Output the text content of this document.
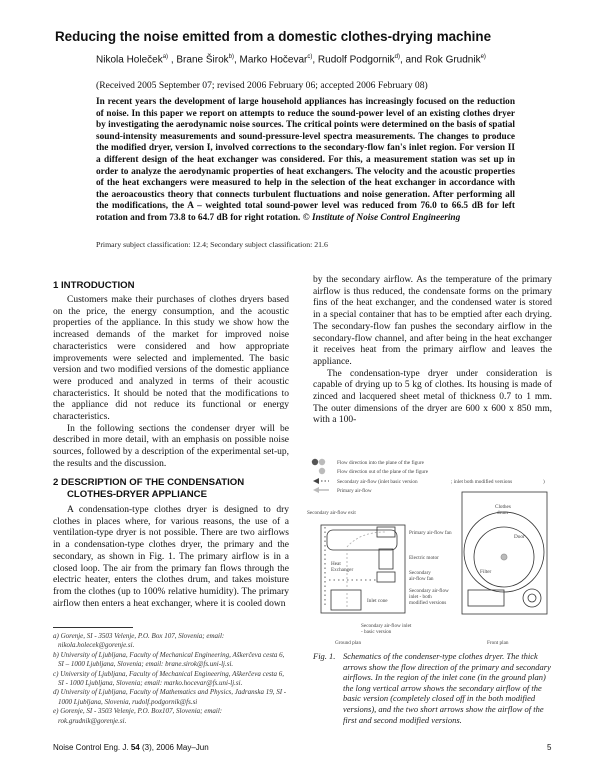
Reducing the noise emitted from a domestic clothes-drying machine
Nikola Holeček$^{a)}$ , Brane Širok$^{b)}$, Marko Hočevar$^{c)}$, Rudolf Podgornik$^{d)}$, and Rok Grudnik$^{e)}$
(Received 2005 September 07; revised 2006 February 06; accepted 2006 February 08)
In recent years the development of large household appliances has increasingly focused on the reduction of noise. In this paper we report on attempts to reduce the sound-power level of an existing clothes dryer by investigating the aerodynamic noise sources. The critical points were determined on the basis of spatial sound-intensity measurements and sound-pressure-level spectra measurements. The changes to produce the modified dryer, version I, involved corrections to the secondary-flow fan's inlet region. For version II a different design of the heat exchanger was considered. For this, a measurement station was set up in order to analyze the aerodynamic properties of heat exchangers. The velocity and the acoustic properties of the heat exchangers were measured to help in the selection of the heat exchanger in accordance with the aeroacoustics theory that connects turbulent fluctuations and noise generation. After performing all the modifications, the A – weighted total sound-power level was reduced from 76.0 to 66.5 dB for left rotation and from 73.8 to 64.7 dB for right rotation. © Institute of Noise Control Engineering
Primary subject classification: 12.4; Secondary subject classification: 21.6
1 INTRODUCTION

Customers make their purchases of clothes dryers based on the price, the energy consumption, and the acoustic properties of the appliance. In this study we show how the increased demands of the market for improved noise characteristics were considered and how appropriate improvements were selected and implemented. The basic version and two modified versions of the domestic appliance were produced and analyzed in terms of their acoustic characteristics. It should be noted that the modifications to the appliance did not reduce its functional or energy characteristics.

In the following sections the condenser dryer will be described in more detail, with an emphasis on possible noise sources, followed by a description of the experimental set-up, the results and the discussion.

2 DESCRIPTION OF THE CONDENSATION CLOTHES-DRYER APPLIANCE

A condensation-type clothes dryer is designed to dry clothes in places where, for various reasons, the use of a ventilation-type dryer is not possible. There are two airflows in a condensation-type clothes dryer, the primary and the secondary, as shown in Fig. 1. The primary airflow is in a closed loop. The air from the primary fan flows through the electric heater, enters the clothes drum, and takes moisture from the clothes (up to 100% relative humidity). The primary airflow then enters a heat exchanger, where it is cooled down

by the secondary airflow. As the temperature of the primary airflow is thus reduced, the condensate forms on the primary fins of the heat exchanger, and the condensed water is stored in a special container that has to be emptied after each drying. The secondary-flow fan pushes the secondary airflow in the secondary-flow channel, and after being in the heat exchanger it receives heat from the primary airflow and leaves the appliance.

The condensation-type dryer under consideration is capable of drying up to 5 kg of clothes. Its housing is made of zinced and lacquered sheet metal of thickness 0.7 to 1 mm. The outer dimensions of the dryer are 600 x 600 x 850 mm, with a 100-

a) Gorenje, SI - 3503 Velenje, P.O. Box 107, Slovenia; email: nikola.holecek@gorenje.si.
b) University of Ljubljana, Faculty of Mechanical Engineering, Aškerčeva cesta 6, SI – 1000 Ljubljana, Slovenia; email: brane.sirok@fs.uni-lj.si.
c) University of Ljubljana, Faculty of Mechanical Engineering, Aškerčeva cesta 6, SI - 1000 Ljubljana, Slovenia; email: marko.hocevar@fs.uni-lj.si.
d) University of Ljubljana, Faculty of Mathematics and Physics, Jadranska 19, SI - 1000 Ljubljana, Slovenia, rudolf.podgornik@fs.si
e) Gorenje, SI - 3503 Velenje, P.O. Box107, Slovenia; email: rok.grudnik@gorenje.si.
Flow direction into the plane of the figure
Flow direction out of the plane of the figure
Secondary air-flow (inlet basic version	; inlet both modified versions	)
Primary air-flow
Secondary air-flow exit
Primary air-flow fan
Electric motor
Secondary
air-flow fan
Secondary air-flow
inlet - both
modified versions
Heat
Exchanger
Inlet cone
Secondary air-flow inlet
- basic version
Ground plan
Clothes
drum
Door
Filter
Front plan
Fig. 1. Schematics of the condenser-type clothes dryer. The thick arrows show the flow direction of the primary and secondary airflows. In the region of the inlet cone (in the ground plan) the long vertical arrow shows the secondary airflow of the basic version (completely closed off in the both modified versions), and the two short arrows show the airflow of the first and second modified versions.
Noise Control Eng. J. 54 (3), 2006 May–Jun	5
